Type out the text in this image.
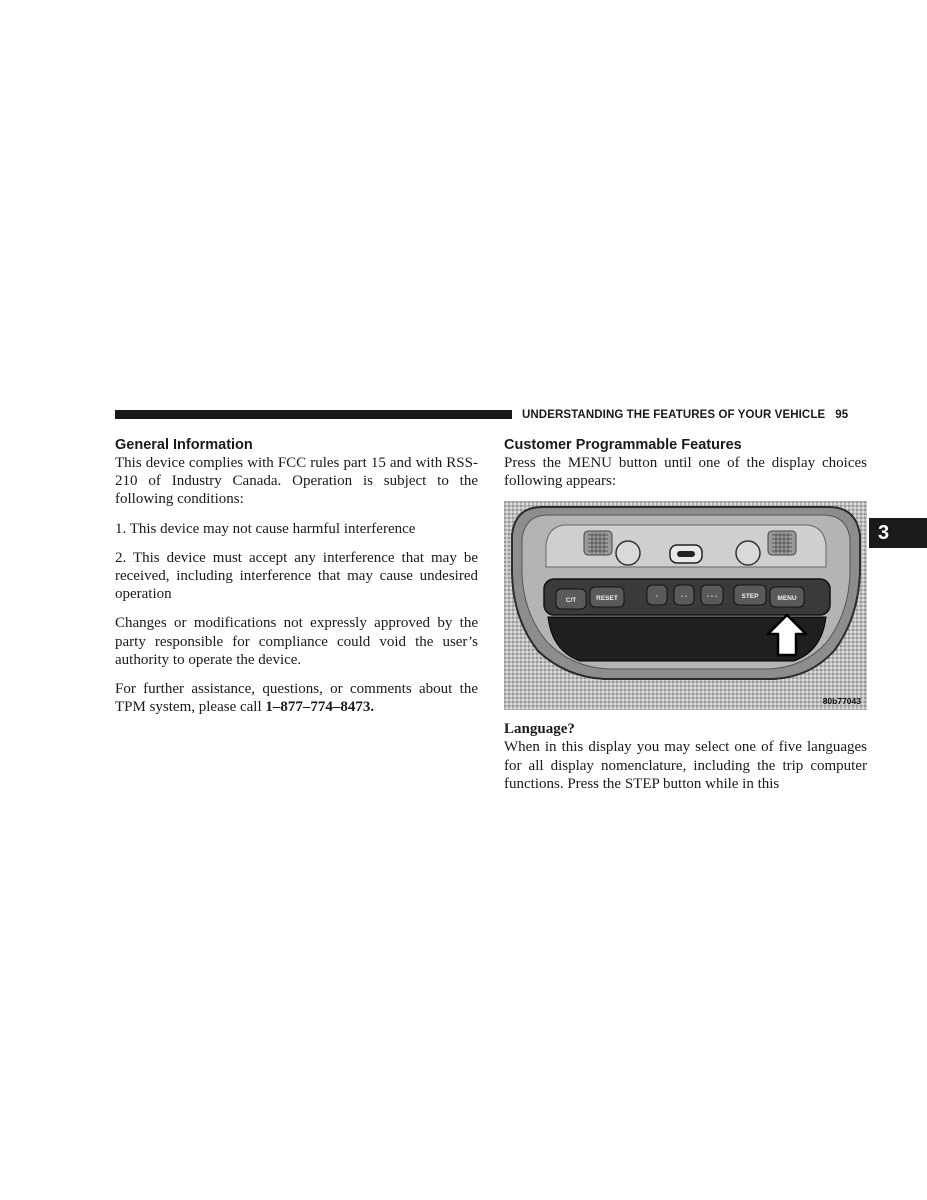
UNDERSTANDING THE FEATURES OF YOUR VEHICLE 95
3
General Information

This device complies with FCC rules part 15 and with RSS-210 of Industry Canada. Operation is subject to the following conditions:

1. This device may not cause harmful interference

2. This device must accept any interference that may be received, including interference that may cause undesired operation

Changes or modifications not expressly approved by the party responsible for compliance could void the user’s authority to operate the device.

For further assistance, questions, or comments about the TPM system, please call 1–877–774–8473.

Customer Programmable Features

Press the MENU button until one of the display choices following appears:

C/T	RESET	-	- -	- - -	STEP	MENU
80b77043
Language?

When in this display you may select one of five languages for all display nomenclature, including the trip computer functions. Press the STEP button while in this
